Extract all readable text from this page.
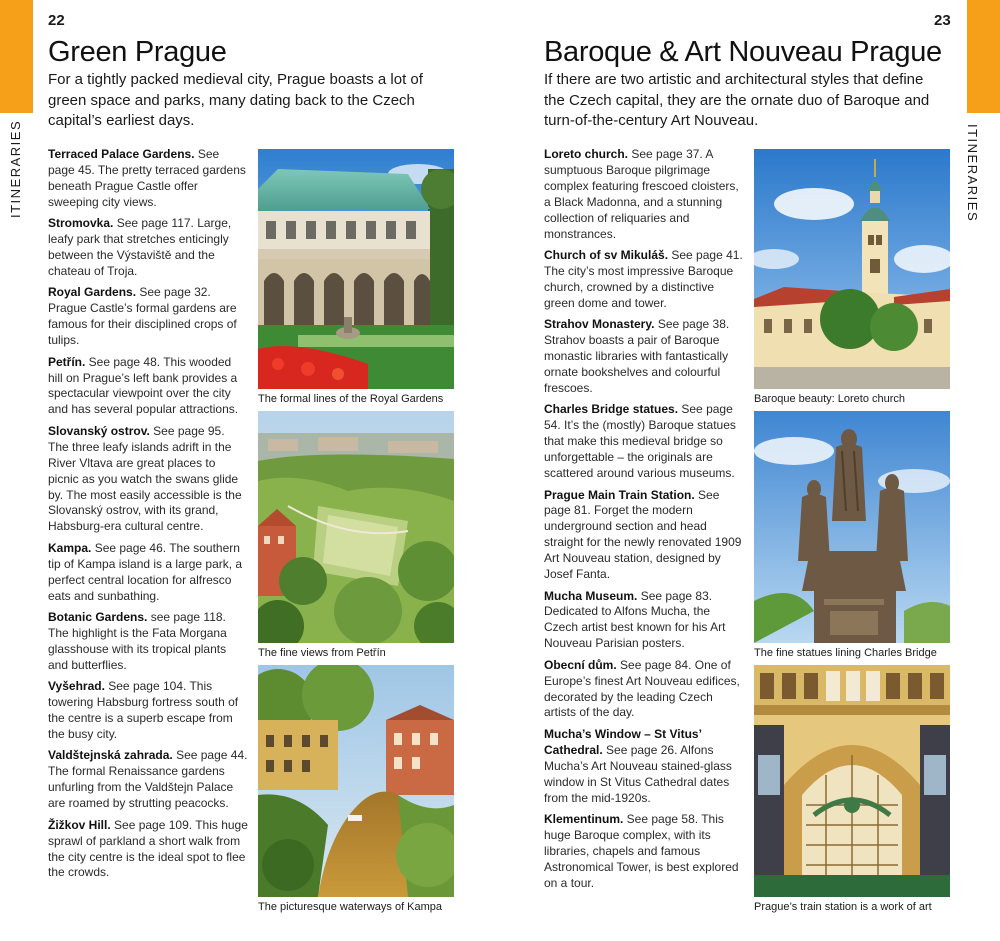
22	23
ITINERARIES	ITINERARIES
Green Prague	Baroque & Art Nouveau Prague

For a tightly packed medieval city, Prague boasts a lot of green space and parks, many dating back to the Czech capital’s earliest days.

If there are two artistic and architectural styles that define the Czech capital, they are the ornate duo of Baroque and turn-of-the-century Art Nouveau.

Terraced Palace Gardens. See page 45. The pretty terraced gardens beneath Prague Castle offer sweeping city views.

Stromovka. See page 117. Large, leafy park that stretches enticingly between the Výstaviště and the chateau of Troja.

Royal Gardens. See page 32. Prague Castle’s formal gardens are famous for their disciplined crops of tulips.

Petřín. See page 48. This wooded hill on Prague’s left bank provides a spectacular viewpoint over the city and has several popular attractions.

Slovanský ostrov. See page 95. The three leafy islands adrift in the River Vltava are great places to picnic as you watch the swans glide by. The most easily accessible is the Slovanský ostrov, with its grand, Habsburg-era cultural centre.

Kampa. See page 46. The southern tip of Kampa island is a large park, a perfect central location for alfresco eats and sunbathing.

Botanic Gardens. see page 118. The highlight is the Fata Morgana glasshouse with its tropical plants and butterflies.

Vyšehrad. See page 104. This towering Habsburg fortress south of the centre is a superb escape from the busy city.

Valdštejnská zahrada. See page 44. The formal Renaissance gardens unfurling from the Valdštejn Palace are roamed by strutting peacocks.

Žižkov Hill. See page 109. This huge sprawl of parkland a short walk from the city centre is the ideal spot to flee the crowds.

Loreto church. See page 37. A sumptuous Baroque pilgrimage complex featuring frescoed cloisters, a Black Madonna, and a stunning collection of reliquaries and monstrances.

Church of sv Mikuláš. See page 41. The city’s most impressive Baroque church, crowned by a distinctive green dome and tower.

Strahov Monastery. See page 38. Strahov boasts a pair of Baroque monastic libraries with fantastically ornate bookshelves and colourful frescoes.

Charles Bridge statues. See page 54. It’s the (mostly) Baroque statues that make this medieval bridge so unforgettable – the originals are scattered around various museums.

Prague Main Train Station. See page 81. Forget the modern underground section and head straight for the newly renovated 1909 Art Nouveau station, designed by Josef Fanta.

Mucha Museum. See page 83. Dedicated to Alfons Mucha, the Czech artist best known for his Art Nouveau Parisian posters.

Obecní dům. See page 84. One of Europe’s finest Art Nouveau edifices, decorated by the leading Czech artists of the day.

Mucha’s Window – St Vitus’ Cathedral. See page 26. Alfons Mucha’s Art Nouveau stained-glass window in St Vitus Cathedral dates from the mid-1920s.

Klementinum. See page 58. This huge Baroque complex, with its libraries, chapels and famous Astronomical Tower, is best explored on a tour.

The formal lines of the Royal Gardens
The fine views from Petřín
The picturesque waterways of Kampa
Baroque beauty: Loreto church
The fine statues lining Charles Bridge
Prague’s train station is a work of art
